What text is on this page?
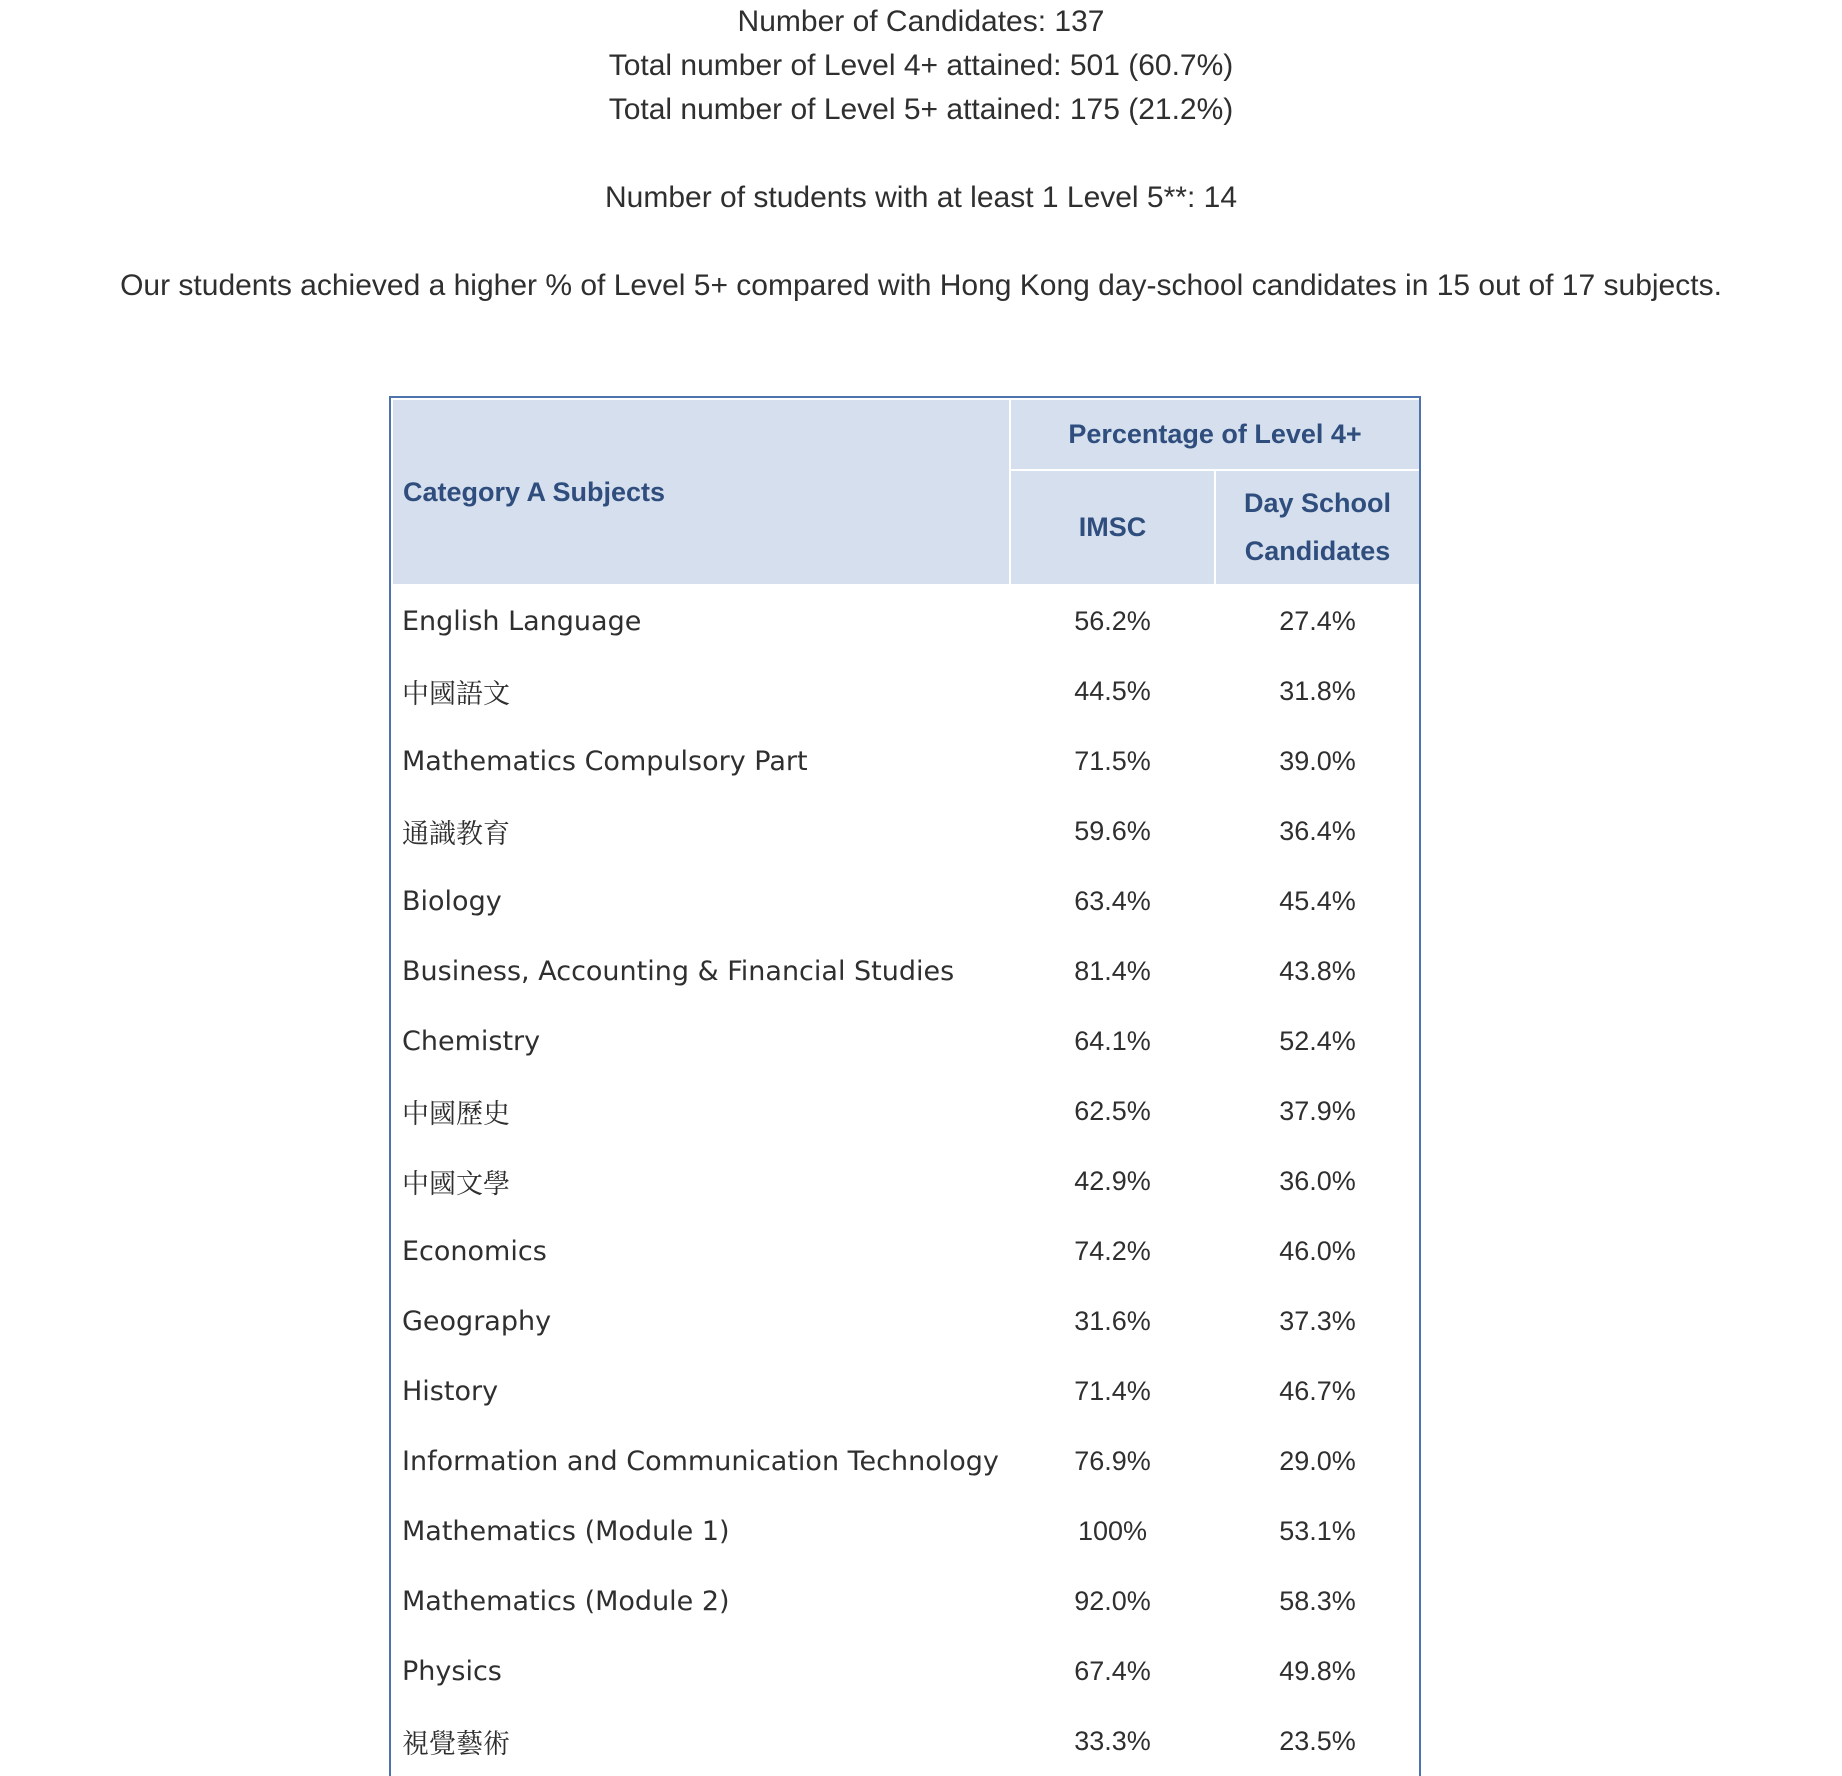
Number of Candidates: 137
Total number of Level 4+ attained: 501 (60.7%)
Total number of Level 5+ attained: 175 (21.2%)
Number of students with at least 1 Level 5**: 14
Our students achieved a higher % of Level 5+ compared with Hong Kong day-school candidates in 15 out of 17 subjects.
Category A Subjects	Percentage of Level 4+	
	IMSC	Day School
Candidates
English Language	56.2%	27.4%
中國語文	44.5%	31.8%
Mathematics Compulsory Part	71.5%	39.0%
通識教育	59.6%	36.4%
Biology	63.4%	45.4%
Business, Accounting & Financial Studies	81.4%	43.8%
Chemistry	64.1%	52.4%
中國歷史	62.5%	37.9%
中國文學	42.9%	36.0%
Economics	74.2%	46.0%
Geography	31.6%	37.3%
History	71.4%	46.7%
Information and Communication Technology	76.9%	29.0%
Mathematics (Module 1)	100%	53.1%
Mathematics (Module 2)	92.0%	58.3%
Physics	67.4%	49.8%
視覺藝術	33.3%	23.5%
